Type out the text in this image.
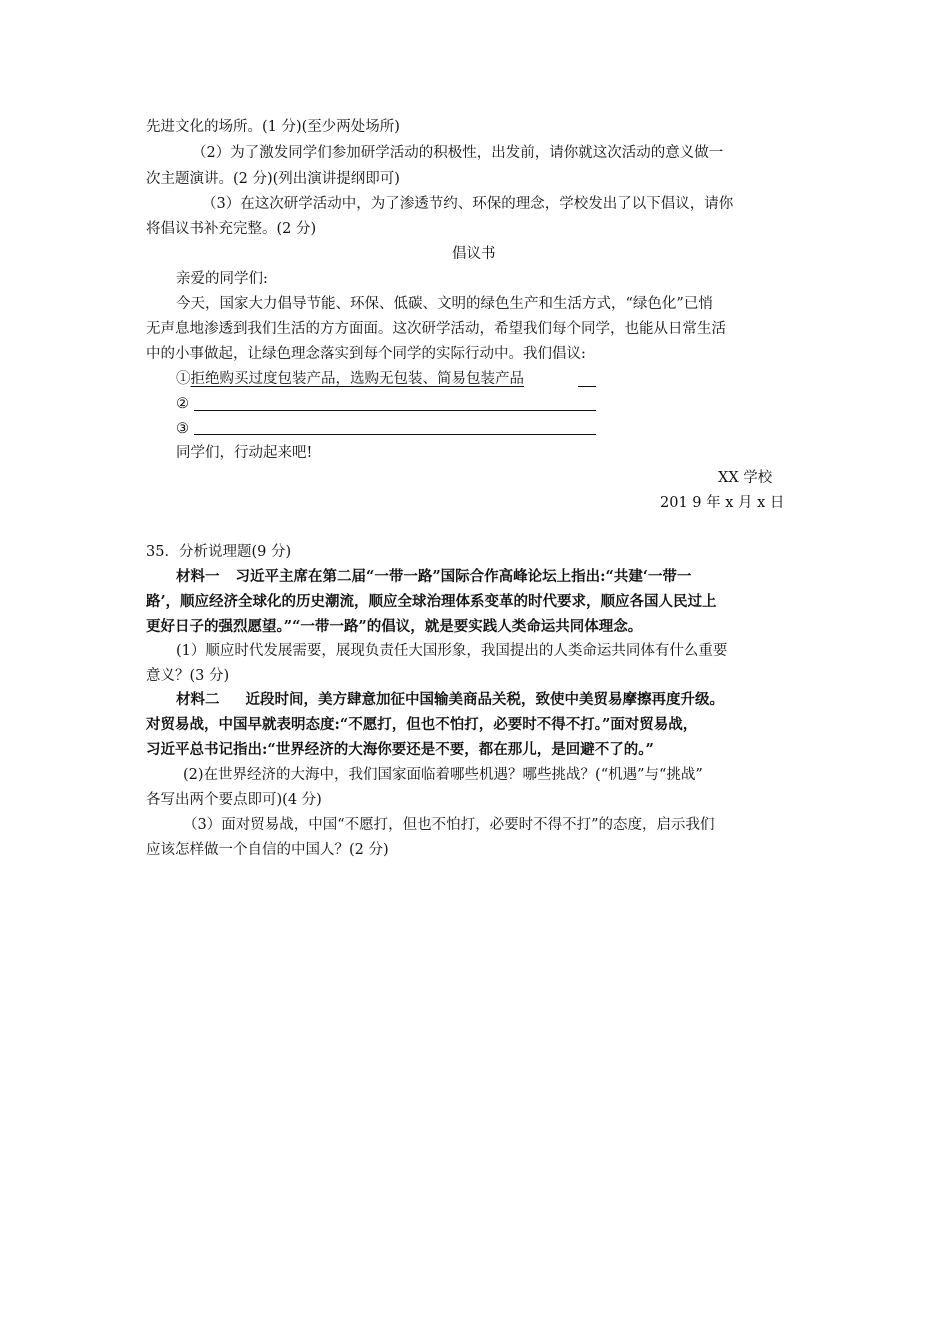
先进文化的场所。(1 分)(至少两处场所)
（2）为了激发同学们参加研学活动的积极性，出发前，请你就这次活动的意义做一
次主题演讲。(2 分)(列出演讲提纲即可)
（3）在这次研学活动中，为了渗透节约、环保的理念，学校发出了以下倡议，请你
将倡议书补充完整。(2 分)
倡议书
亲爱的同学们:
今天，国家大力倡导节能、环保、低碳、文明的绿色生产和生活方式，“绿色化”已悄
无声息地渗透到我们生活的方方面面。这次研学活动，希望我们每个同学，也能从日常生活
中的小事做起，让绿色理念落实到每个同学的实际行动中。我们倡议:
①拒绝购买过度包装产品，选购无包装、简易包装产品
②
③
同学们，行动起来吧!
XX 学校
201 9 年 x 月 x 日
35．分析说理题(9 分)
材料一 习近平主席在第二届“一带一路”国际合作高峰论坛上指出:“共建‘一带一
路’，顺应经济全球化的历史潮流，顺应全球治理体系变革的时代要求，顺应各国人民过上
更好日子的强烈愿望。”“一带一路”的倡议，就是要实践人类命运共同体理念。
(1）顺应时代发展需要，展现负责任大国形象，我国提出的人类命运共同体有什么重要
意义？(3 分)
材料二 近段时间，美方肆意加征中国输美商品关税，致使中美贸易摩擦再度升级。
对贸易战，中国早就表明态度:“不愿打，但也不怕打，必要时不得不打。”面对贸易战，
习近平总书记指出:“世界经济的大海你要还是不要，都在那儿，是回避不了的。”
(2)在世界经济的大海中，我们国家面临着哪些机遇？哪些挑战？(“机遇”与“挑战”
各写出两个要点即可)(4 分)
（3）面对贸易战，中国“不愿打，但也不怕打，必要时不得不打”的态度，启示我们
应该怎样做一个自信的中国人？(2 分)
